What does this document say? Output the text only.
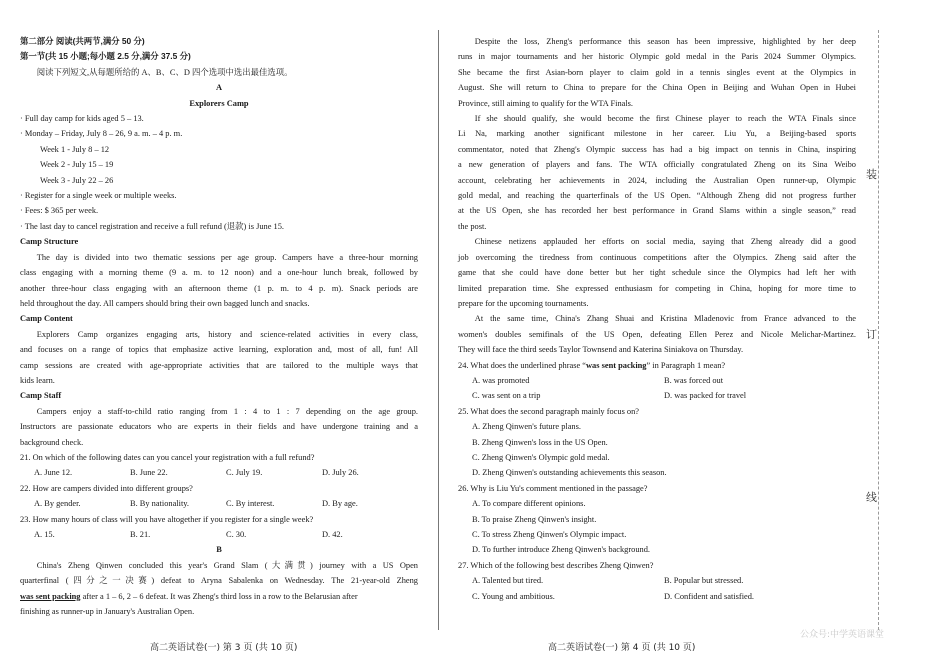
第二部分 阅读(共两节,满分 50 分)
第一节(共 15 小题;每小题 2.5 分,满分 37.5 分)
阅读下列短文,从每题所给的 A、B、C、D 四个选项中选出最佳选项。
A
Explorers Camp
· Full day camp for kids aged 5 – 13.
· Monday – Friday, July 8 – 26, 9 a. m. – 4 p. m.
Week 1 - July 8 – 12
Week 2 - July 15 – 19
Week 3 - July 22 – 26
· Register for a single week or multiple weeks.
· Fees: $ 365 per week.
· The last day to cancel registration and receive a full refund (退款) is June 15.
Camp Structure
The day is divided into two thematic sessions per age group. Campers have a three-hour morning
class engaging with a morning theme (9 a. m. to 12 noon) and a one-hour lunch break, followed by
another three-hour class engaging with an afternoon theme (1 p. m. to 4 p. m). Snack periods are
held throughout the day. All campers should bring their own bagged lunch and snacks.
Camp Content
Explorers Camp organizes engaging arts, history and science-related activities in every class,
and focuses on a range of topics that emphasize active learning, exploration and, most of all, fun! All
camp sessions are created with age-appropriate activities that are tailored to the multiple ways that
kids learn.
Camp Staff
Campers enjoy a staff-to-child ratio ranging from 1 : 4 to 1 : 7 depending on the age group.
Instructors are passionate educators who are experts in their fields and have undergone training and a
background check.
21. On which of the following dates can you cancel your registration with a full refund?
A. June 12.	B. June 22.	C. July 19.	D. July 26.
22. How are campers divided into different groups?
A. By gender.	B. By nationality.	C. By interest.	D. By age.
23. How many hours of class will you have altogether if you register for a single week?
A. 15.	B. 21.	C. 30.	D. 42.
B
China's Zheng Qinwen concluded this year's Grand Slam (大满贯) journey with a US Open
quarterfinal (四分之一决赛) defeat to Aryna Sabalenka on Wednesday. The 21-year-old Zheng
was sent packing after a 1 – 6, 2 – 6 defeat. It was Zheng's third loss in a row to the Belarusian after
finishing as runner-up in January's Australian Open.
Despite the loss, Zheng's performance this season has been impressive, highlighted by her deep
runs in major tournaments and her historic Olympic gold medal in the Paris 2024 Summer Olympics.
She became the first Asian-born player to claim gold in a tennis singles event at the Olympics in
August. She will return to China to prepare for the China Open in Beijing and Wuhan Open in Hubei
Province, still aiming to qualify for the WTA Finals.
If she should qualify, she would become the first Chinese player to reach the WTA Finals since
Li Na, marking another significant milestone in her career. Liu Yu, a Beijing-based sports
commentator, noted that Zheng's Olympic success has had a big impact on tennis in China, inspiring
a new generation of players and fans. The WTA officially congratulated Zheng on its Sina Weibo
account, celebrating her achievements in 2024, including the Australian Open runner-up, Olympic
gold medal, and reaching the quarterfinals of the US Open. “Although Zheng did not progress further
at the US Open, she has recorded her best performance in Grand Slams within a single season,” read
the post.
Chinese netizens applauded her efforts on social media, saying that Zheng already did a good
job overcoming the tiredness from continuous competitions after the Olympics. Zheng said after the
game that she could have done better but her tight schedule since the Olympics had left her with
limited preparation time. She expressed enthusiasm for competing in China, hoping for more time to
prepare for the upcoming tournaments.
At the same time, China's Zhang Shuai and Kristina Mladenovic from France advanced to the
women's doubles semifinals of the US Open, defeating Ellen Perez and Nicole Melichar-Martinez.
They will face the third seeds Taylor Townsend and Katerina Siniakova on Thursday.
24. What does the underlined phrase “was sent packing” in Paragraph 1 mean?
A. was promoted	B. was forced out
C. was sent on a trip	D. was packed for travel
25. What does the second paragraph mainly focus on?
A. Zheng Qinwen's future plans.
B. Zheng Qinwen's loss in the US Open.
C. Zheng Qinwen's Olympic gold medal.
D. Zheng Qinwen's outstanding achievements this season.
26. Why is Liu Yu's comment mentioned in the passage?
A. To compare different opinions.
B. To praise Zheng Qinwen's insight.
C. To stress Zheng Qinwen's Olympic impact.
D. To further introduce Zheng Qinwen's background.
27. Which of the following best describes Zheng Qinwen?
A. Talented but tired.	B. Popular but stressed.
C. Young and ambitious.	D. Confident and satisfied.
装
订
线
高二英语试卷(一) 第 3 页 (共 10 页)	高二英语试卷(一) 第 4 页 (共 10 页)
公众号:中学英语课堂
